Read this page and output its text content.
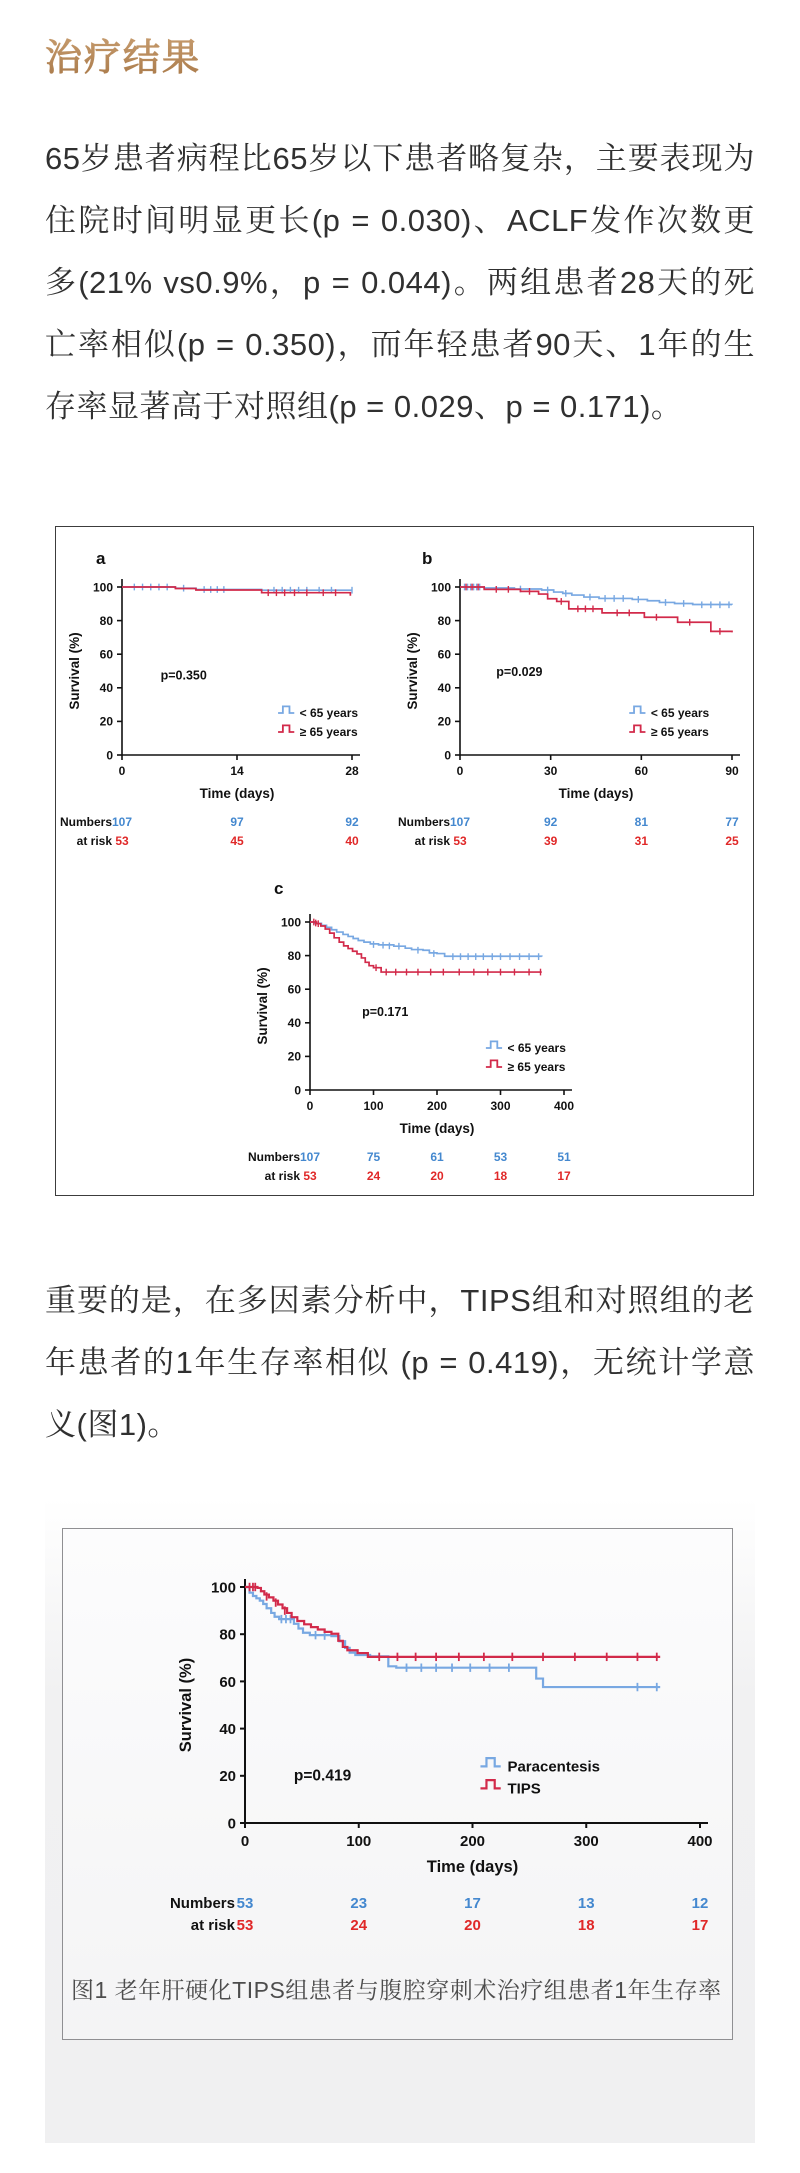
治疗结果

65岁患者病程比65岁以下患者略复杂，主要表现为住院时间明显更长(p = 0.030)、ACLF发作次数更多(21% vs0.9%，p = 0.044)。两组患者28天的死亡率相似(p = 0.350)，而年轻患者90天、1年的生存率显著高于对照组(p = 0.029、p = 0.171)。

a	b
c
0
20
40
60
80
100
0	14	28
Survival (%)
Time (days)
p=0.350
< 65 years
≥ 65 years
Numbers
at risk
107	97	92
53	45	40
0
20
40
60
80
100
0	30	60	90
Survival (%)
Time (days)
p=0.029
< 65 years
≥ 65 years
Numbers
at risk
107	92	81	77
53	39	31	25
0
20
40
60
80
100
0	100	200	300	400
Survival (%)
Time (days)
p=0.171
< 65 years
≥ 65 years
Numbers
at risk
107	75	61	53	51
53	24	20	18	17

重要的是，在多因素分析中，TIPS组和对照组的老年患者的1年生存率相似 (p = 0.419)，无统计学意义(图1)。

0
20
40
60
80
100
0	100	200	300	400
Survival (%)
Time (days)
p=0.419
Paracentesis
TIPS
Numbers
at risk
53	23	17	13	12
53	24	20	18	17
图1 老年肝硬化TIPS组患者与腹腔穿刺术治疗组患者1年生存率
